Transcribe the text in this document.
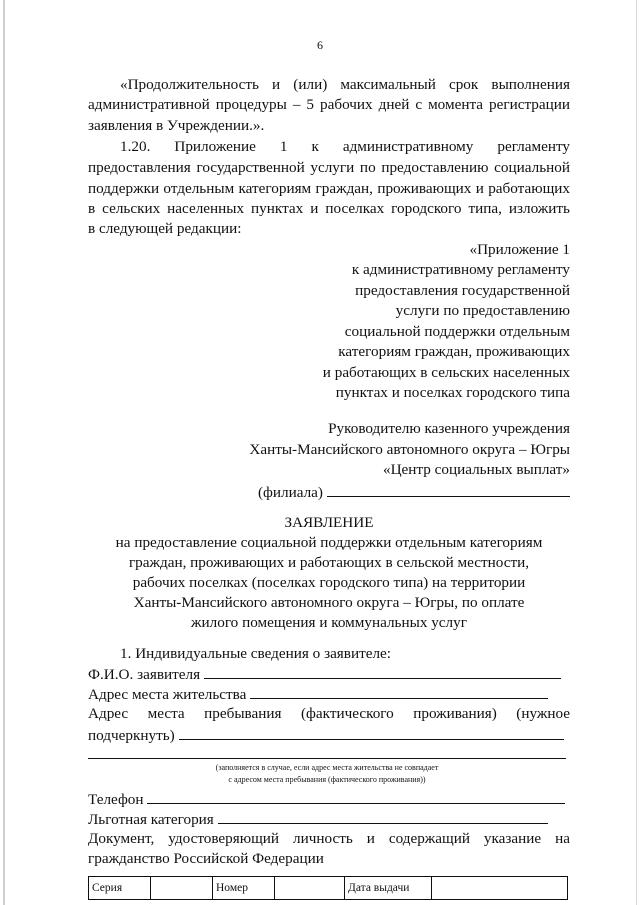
6
«Продолжительность и (или) максимальный срок выполнения
административной процедуры – 5 рабочих дней с момента регистрации
заявления в Учреждении.».
1.20. Приложение 1 к административному регламенту
предоставления государственной услуги по предоставлению социальной
поддержки отдельным категориям граждан, проживающих и работающих
в сельских населенных пунктах и поселках городского типа, изложить
в следующей редакции:
«Приложение 1
к административному регламенту
предоставления государственной
услуги по предоставлению
социальной поддержки отдельным
категориям граждан, проживающих
и работающих в сельских населенных
пунктах и поселках городского типа
Руководителю казенного учреждения
Ханты-Мансийского автономного округа – Югры
«Центр социальных выплат»
(филиала)
ЗАЯВЛЕНИЕ
на предоставление социальной поддержки отдельным категориям
граждан, проживающих и работающих в сельской местности,
рабочих поселках (поселках городского типа) на территории
Ханты-Мансийского автономного округа – Югры, по оплате
жилого помещения и коммунальных услуг
1. Индивидуальные сведения о заявителе:
Ф.И.О. заявителя
Адрес места жительства
Адрес места пребывания (фактического проживания) (нужное
подчеркнуть)
(заполняется в случае, если адрес места жительства не совпадает
с адресом места пребывания (фактического проживания))
Телефон
Льготная категория
Документ, удостоверяющий личность и содержащий указание на
гражданство Российской Федерации
Серия		Номер		Дата выдачи	
